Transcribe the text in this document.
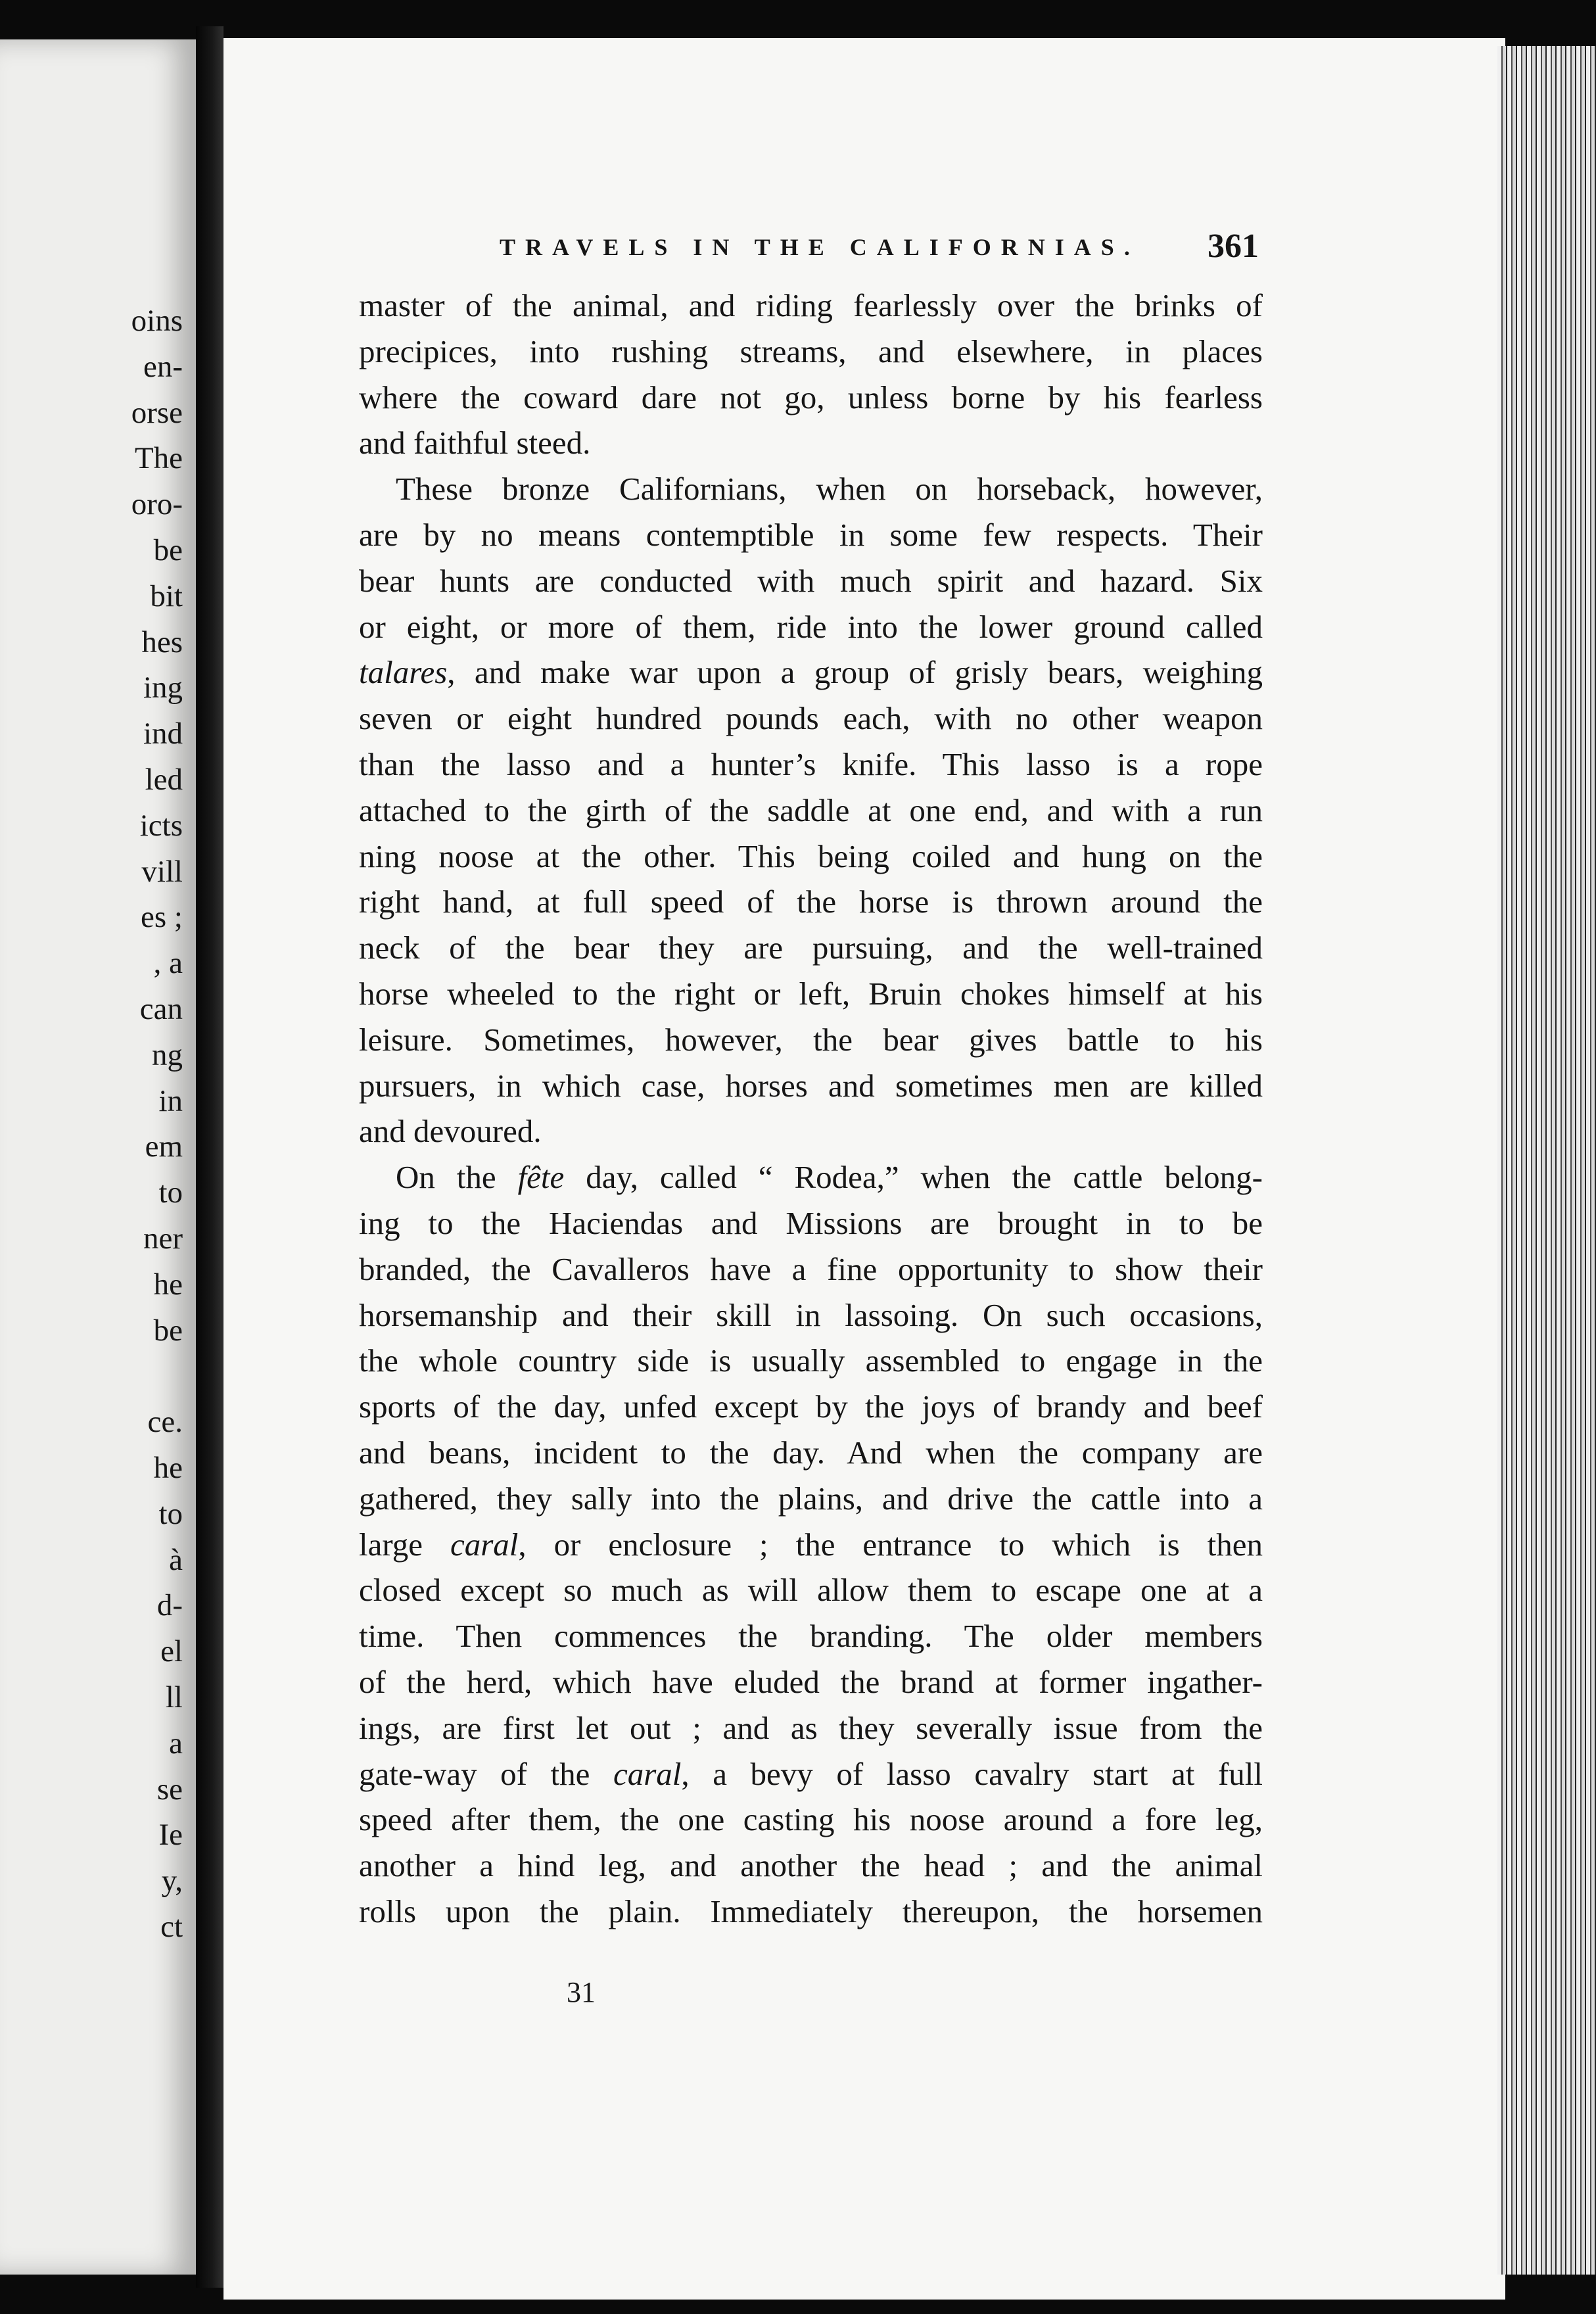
oins
en-
orse
The
oro-
be
bit
hes
ing
ind
led
icts
vill
es ;
, a
can
ng
in
em
to
ner
he
be
ce.
he
to
à
d-
el
ll
a
se
Ie
y,
ct
TRAVELS IN THE CALIFORNIAS. 361
master of the animal, and riding fearlessly over the brinks of
precipices, into rushing streams, and elsewhere, in places
where the coward dare not go, unless borne by his fearless
and faithful steed.
These bronze Californians, when on horseback, however,
are by no means contemptible in some few respects. Their
bear hunts are conducted with much spirit and hazard. Six
or eight, or more of them, ride into the lower ground called
talares, and make war upon a group of grisly bears, weighing
seven or eight hundred pounds each, with no other weapon
than the lasso and a hunter’s knife. This lasso is a rope
attached to the girth of the saddle at one end, and with a run
ning noose at the other. This being coiled and hung on the
right hand, at full speed of the horse is thrown around the
neck of the bear they are pursuing, and the well-trained
horse wheeled to the right or left, Bruin chokes himself at his
leisure. Sometimes, however, the bear gives battle to his
pursuers, in which case, horses and sometimes men are killed
and devoured.
On the fête day, called “ Rodea,” when the cattle belong-
ing to the Haciendas and Missions are brought in to be
branded, the Cavalleros have a fine opportunity to show their
horsemanship and their skill in lassoing. On such occasions,
the whole country side is usually assembled to engage in the
sports of the day, unfed except by the joys of brandy and beef
and beans, incident to the day. And when the company are
gathered, they sally into the plains, and drive the cattle into a
large caral, or enclosure ; the entrance to which is then
closed except so much as will allow them to escape one at a
time. Then commences the branding. The older members
of the herd, which have eluded the brand at former ingather-
ings, are first let out ; and as they severally issue from the
gate-way of the caral, a bevy of lasso cavalry start at full
speed after them, the one casting his noose around a fore leg,
another a hind leg, and another the head ; and the animal
rolls upon the plain. Immediately thereupon, the horsemen
31
